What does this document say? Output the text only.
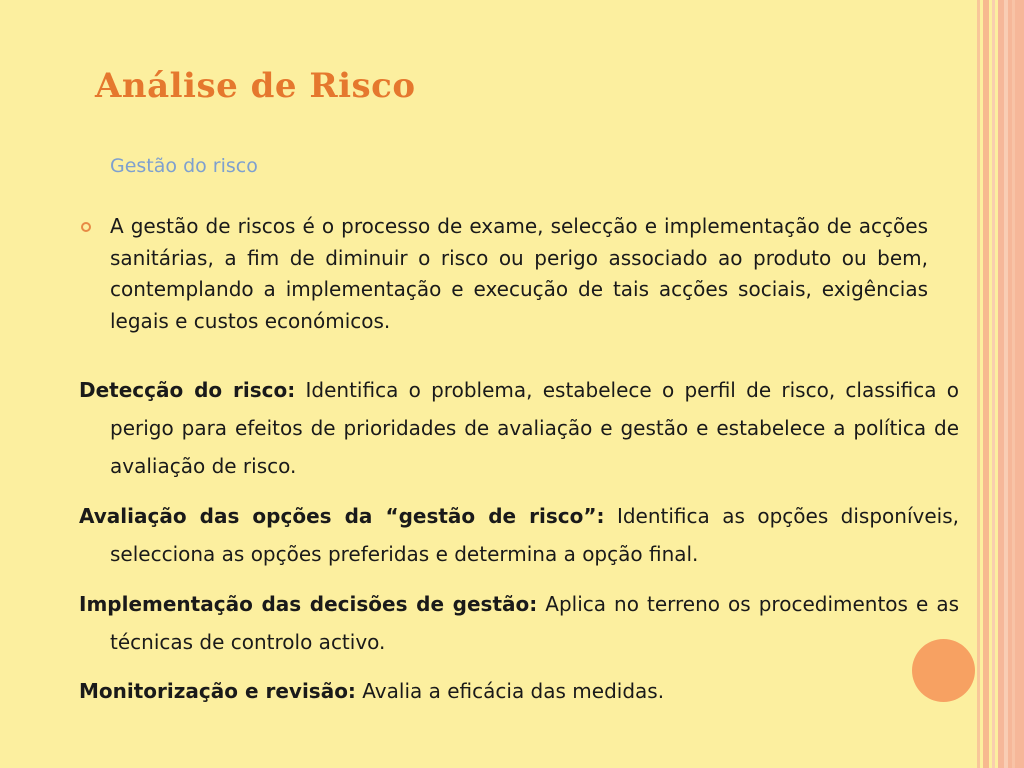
Análise de Risco
Gestão do risco

A gestão de riscos é o processo de exame, selecção e implementação de acções sanitárias, a fim de diminuir o risco ou perigo associado ao produto ou bem, contemplando a implementação e execução de tais acções sociais, exigências legais e custos económicos.

Detecção do risco: Identifica o problema, estabelece o perfil de risco, classifica o perigo para efeitos de prioridades de avaliação e gestão e estabelece a política de avaliação de risco.

Avaliação das opções da “gestão de risco”: Identifica as opções disponíveis, selecciona as opções preferidas e determina a opção final.

Implementação das decisões de gestão: Aplica no terreno os procedimentos e as técnicas de controlo activo.

Monitorização e revisão: Avalia a eficácia das medidas.
